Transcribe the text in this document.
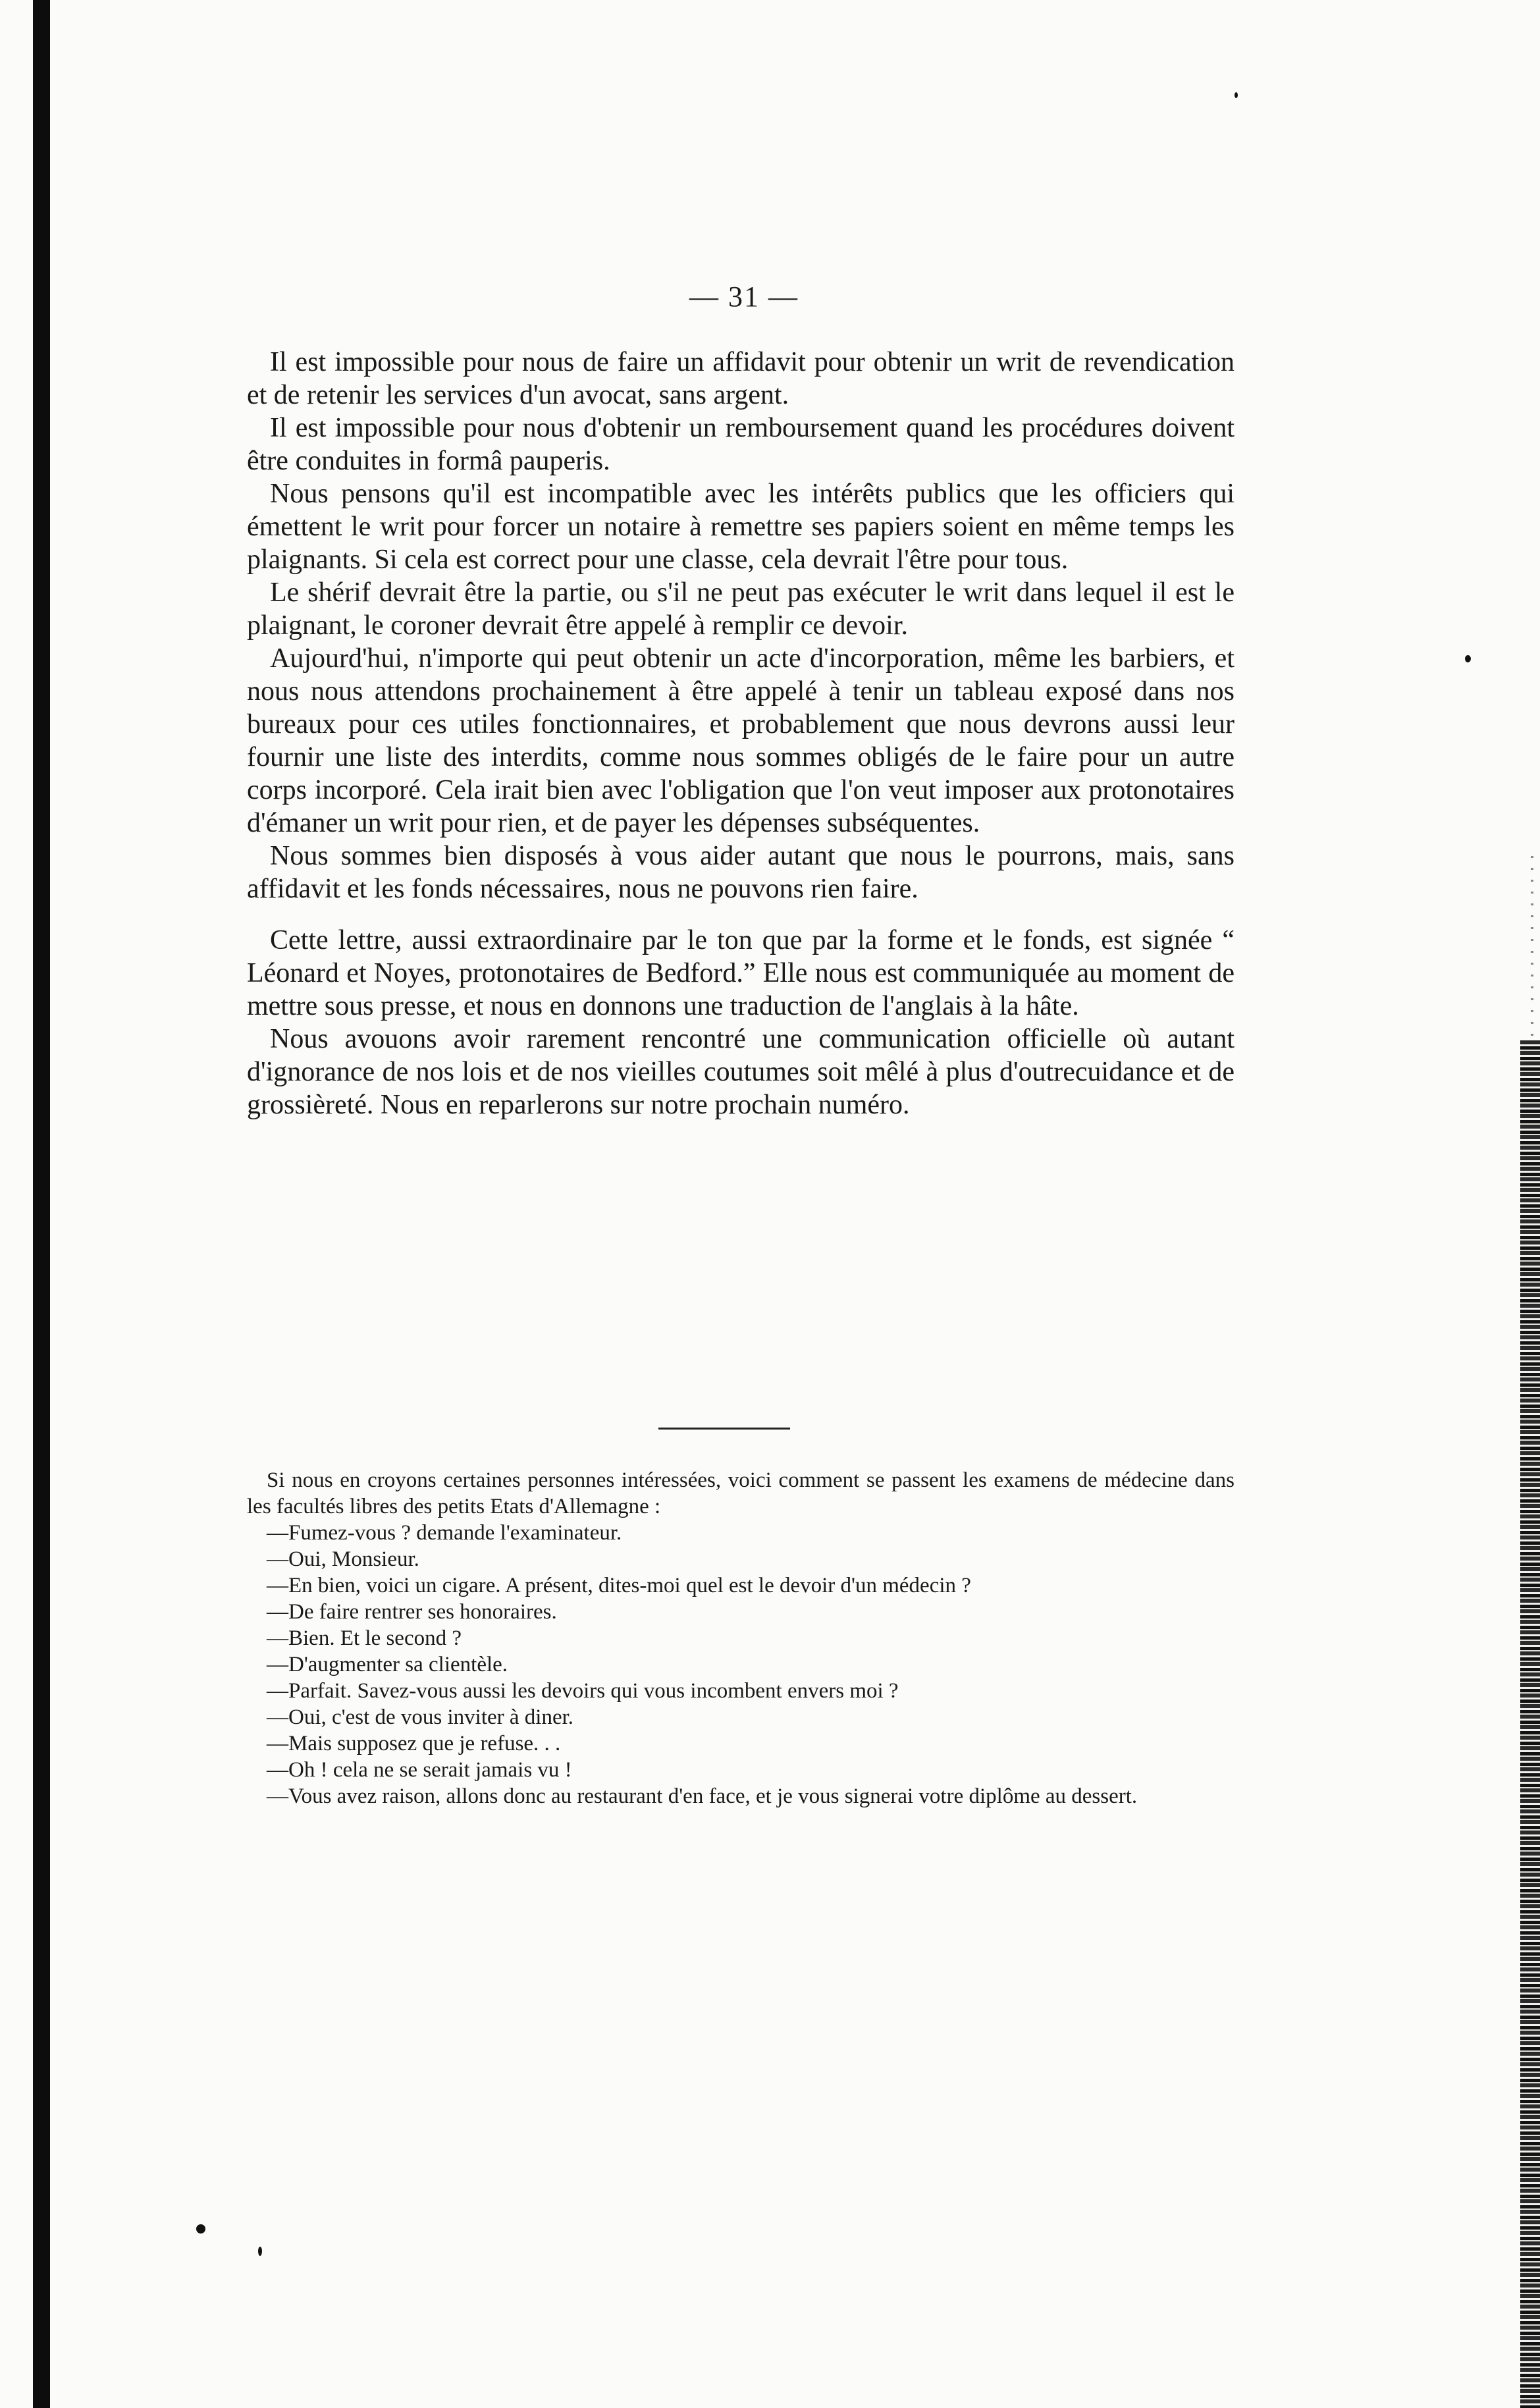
— 31 —

Il est impossible pour nous de faire un affidavit pour obtenir un writ de revendication et de retenir les services d'un avocat, sans argent.

Il est impossible pour nous d'obtenir un remboursement quand les procédures doivent être conduites in formâ pauperis.

Nous pensons qu'il est incompatible avec les intérêts publics que les officiers qui émettent le writ pour forcer un notaire à remettre ses papiers soient en même temps les plaignants. Si cela est correct pour une classe, cela devrait l'être pour tous.

Le shérif devrait être la partie, ou s'il ne peut pas exécuter le writ dans lequel il est le plaignant, le coroner devrait être appelé à remplir ce devoir.

Aujourd'hui, n'importe qui peut obtenir un acte d'incorporation, même les barbiers, et nous nous attendons prochainement à être appelé à tenir un tableau exposé dans nos bureaux pour ces utiles fonctionnaires, et probablement que nous devrons aussi leur fournir une liste des interdits, comme nous sommes obligés de le faire pour un autre corps incorporé. Cela irait bien avec l'obligation que l'on veut imposer aux protonotaires d'émaner un writ pour rien, et de payer les dépenses subséquentes.

Nous sommes bien disposés à vous aider autant que nous le pourrons, mais, sans affidavit et les fonds nécessaires, nous ne pouvons rien faire.

Cette lettre, aussi extraordinaire par le ton que par la forme et le fonds, est signée “ Léonard et Noyes, protonotaires de Bedford.” Elle nous est communiquée au moment de mettre sous presse, et nous en donnons une traduction de l'anglais à la hâte.

Nous avouons avoir rarement rencontré une communication officielle où autant d'ignorance de nos lois et de nos vieilles coutumes soit mêlé à plus d'outrecuidance et de grossièreté. Nous en reparlerons sur notre prochain numéro.

Si nous en croyons certaines personnes intéressées, voici comment se passent les examens de médecine dans les facultés libres des petits Etats d'Allemagne :

—Fumez-vous ? demande l'examinateur.

—Oui, Monsieur.

—En bien, voici un cigare. A présent, dites-moi quel est le devoir d'un médecin ?

—De faire rentrer ses honoraires.

—Bien. Et le second ?

—D'augmenter sa clientèle.

—Parfait. Savez-vous aussi les devoirs qui vous incombent envers moi ?

—Oui, c'est de vous inviter à diner.

—Mais supposez que je refuse. . .

—Oh ! cela ne se serait jamais vu !

—Vous avez raison, allons donc au restaurant d'en face, et je vous signerai votre diplôme au dessert.
